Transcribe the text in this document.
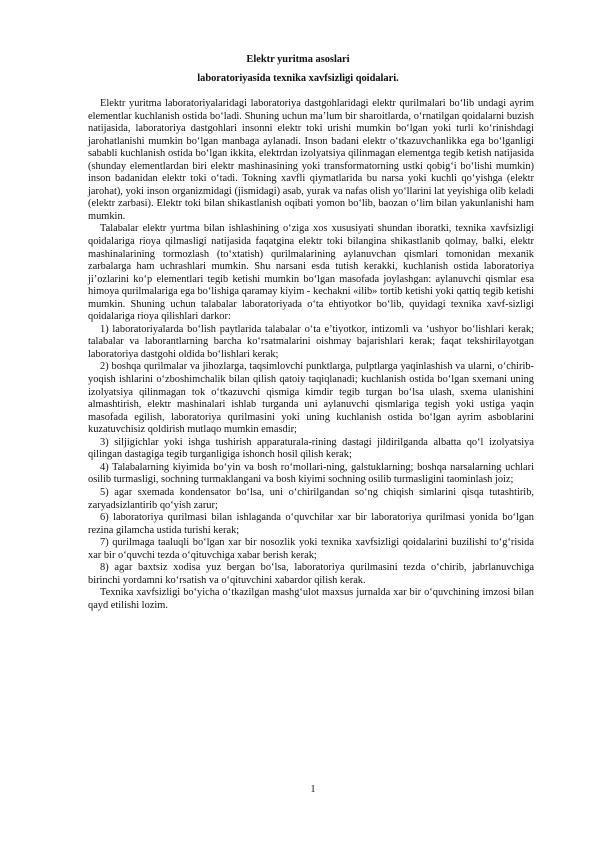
Elektr yuritma asoslari
laboratoriyasida texnika xavfsizligi qoidalari.

Elektr yuritma laboratoriyalaridagi laboratoriya dastgohlaridagi elektr qurilmalari bo‘lib undagi ayrim elementlar kuchlanish ostida bo‘ladi. Shuning uchun ma’lum bir sharoitlarda, o‘rnatilgan qoidalarni buzish natijasida, laboratoriya dastgohlari insonni elektr toki urishi mumkin bo‘lgan yoki turli ko‘rinishdagi jarohatlanishi mumkin bo‘lgan manbaga aylanadi. Inson badani elektr o‘tkazuvchanlikka ega bo‘lganligi sababli kuchlanish ostida bo‘lgan ikkita, elektrdan izolyatsiya qilinmagan elementga tegib ketish natijasida (shunday elementlardan biri elektr mashinasining yoki transformatorning ustki qobig‘i bo‘lishi mumkin) inson badanidan elektr toki o‘tadi. Tokning xavfli qiymatlarida bu narsa yoki kuchli qo‘yishga (elektr jarohat), yoki inson organizmidagi (jismidagi) asab, yurak va nafas olish yo‘llarini lat yeyishiga olib keladi (elektr zarbasi). Elektr toki bilan shikastlanish oqibati yomon bo‘lib, baozan o‘lim bilan yakunlanishi ham mumkin.

Talabalar elektr yurtma bilan ishlashining o‘ziga xos xususiyati shundan iboratki, texnika xavfsizligi qoidalariga rioya qilmasligi natijasida faqatgina elektr toki bilangina shikastlanib qolmay, balki, elektr mashinalarining tormozlash (to‘xtatish) qurilmalarining aylanuvchan qismlari tomonidan mexanik zarbalarga ham uchrashlari mumkin. Shu narsani esda tutish kerakki, kuchlanish ostida laboratoriya ji’ozlarini ko‘p elementlari tegib ketishi mumkin bo‘lgan masofada joylashgan: aylanuvchi qismlar esa himoya qurilmalariga ega bo‘lishiga qaramay kiyim - kechakni «ilib» tortib ketishi yoki qattiq tegib ketishi mumkin. Shuning uchun talabalar laboratoriyada o‘ta ehtiyotkor bo‘lib, quyidagi texnika xavf-sizligi qoidalariga rioya qilishlari darkor:

1) laboratoriyalarda bo‘lish paytlarida talabalar o‘ta e’tiyotkor, intizomli va ‘ushyor bo‘lishlari kerak; talabalar va laborantlarning barcha ko‘rsatmalarini oishmay bajarishlari kerak; faqat tekshirilayotgan laboratoriya dastgohi oldida bo‘lishlari kerak;

2) boshqa qurilmalar va jihozlarga, taqsimlovchi punktlarga, pulptlarga yaqinlashish va ularni, o‘chirib-yoqish ishlarini o‘zboshimchalik bilan qilish qatoiy taqiqlanadi; kuchlanish ostida bo‘lgan sxemani uning izolyatsiya qilinmagan tok o‘tkazuvchi qismiga kimdir tegib turgan bo‘lsa ulash, sxema ulanishini almashtirish, elektr mashinalari ishlab turganda uni aylanuvchi qismlariga tegish yoki ustiga yaqin masofada egilish, laboratoriya qurilmasini yoki uning kuchlanish ostida bo‘lgan ayrim asboblarini kuzatuvchisiz qoldirish mutlaqo mumkin emasdir;

3) siljigichlar yoki ishga tushirish apparaturala-rining dastagi jildirilganda albatta qo‘l izolyatsiya qilingan dastagiga tegib turganligiga ishonch hosil qilish kerak;

4) Talabalarning kiyimida bo‘yin va bosh ro‘mollari-ning, galstuklarning; boshqa narsalarning uchlari osilib turmasligi, sochning turmaklangani va bosh kiyimi sochning osilib turmasligini taominlash joiz;

5) agar sxemada kondensator bo‘lsa, uni o‘chirilgandan so‘ng chiqish simlarini qisqa tutashtirib, zaryadsizlantirib qo‘yish zarur;

6) laboratoriya qurilmasi bilan ishlaganda o‘quvchilar xar bir laboratoriya qurilmasi yonida bo‘lgan rezina gilamcha ustida turishi kerak;

7) qurilmaga taaluqli bo‘lgan xar bir nosozlik yoki texnika xavfsizligi qoidalarini buzilishi to‘g‘risida xar bir o‘quvchi tezda o‘qituvchiga xabar berish kerak;

8) agar baxtsiz xodisa yuz bergan bo‘lsa, laboratoriya qurilmasini tezda o‘chirib, jabrlanuvchiga birinchi yordamni ko‘rsatish va o‘qituvchini xabardor qilish kerak.

Texnika xavfsizligi bo‘yicha o‘tkazilgan mashg‘ulot maxsus jurnalda xar bir o‘quvchining imzosi bilan qayd etilishi lozim.

1
